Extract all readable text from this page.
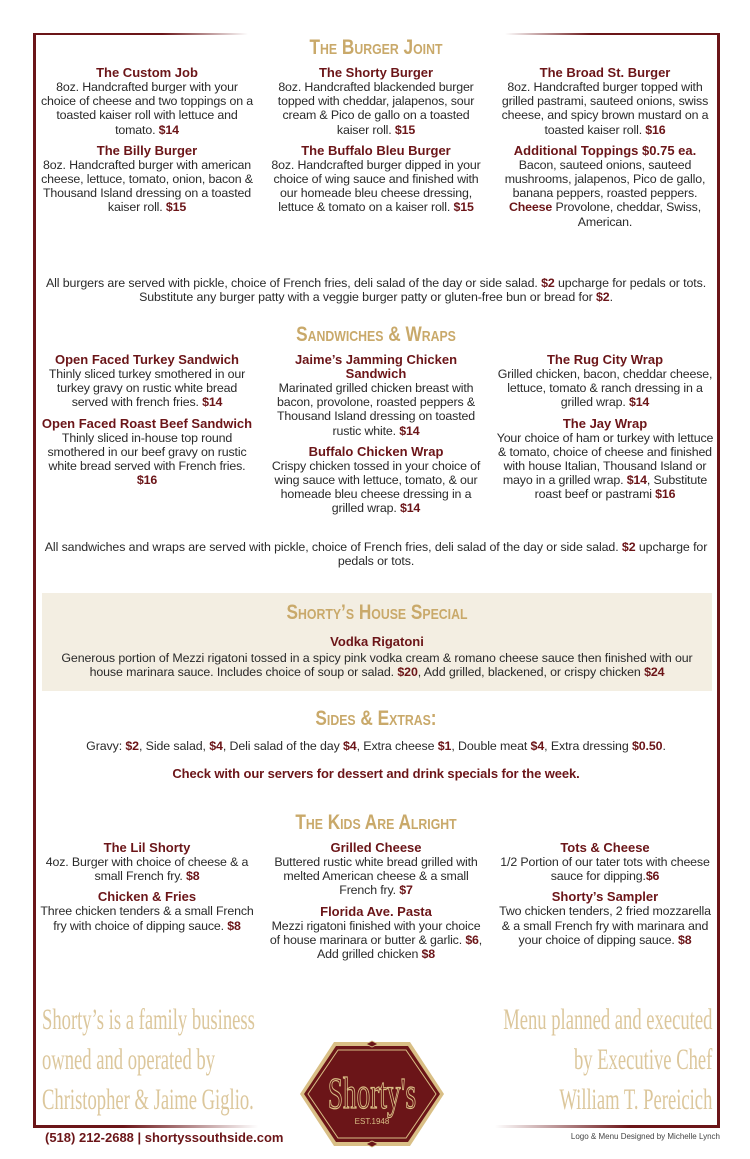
The Burger Joint
The Custom Job
8oz. Handcrafted burger with your choice of cheese and two toppings on a toasted kaiser roll with lettuce and tomato. $14
The Billy Burger
8oz. Handcrafted burger with american cheese, lettuce, tomato, onion, bacon & Thousand Island dressing on a toasted kaiser roll. $15
The Shorty Burger
8oz. Handcrafted blackended burger topped with cheddar, jalapenos, sour cream & Pico de gallo on a toasted kaiser roll. $15
The Buffalo Bleu Burger
8oz. Handcrafted burger dipped in your choice of wing sauce and finished with our homeade bleu cheese dressing, lettuce & tomato on a kaiser roll. $15
The Broad St. Burger
8oz. Handcrafted burger topped with grilled pastrami, sauteed onions, swiss cheese, and spicy brown mustard on a toasted kaiser roll. $16
Additional Toppings $0.75 ea.
Bacon, sauteed onions, sauteed mushrooms, jalapenos, Pico de gallo, banana peppers, roasted peppers.
Cheese Provolone, cheddar, Swiss, American.
All burgers are served with pickle, choice of French fries, deli salad of the day or side salad. $2 upcharge for pedals or tots. Substitute any burger patty with a veggie burger patty or gluten-free bun or bread for $2.
Sandwiches & Wraps
Open Faced Turkey Sandwich
Thinly sliced turkey smothered in our turkey gravy on rustic white bread served with french fries. $14
Open Faced Roast Beef Sandwich
Thinly sliced in-house top round smothered in our beef gravy on rustic white bread served with French fries. $16
Jaime’s Jamming Chicken Sandwich
Marinated grilled chicken breast with bacon, provolone, roasted peppers & Thousand Island dressing on toasted rustic white. $14
Buffalo Chicken Wrap
Crispy chicken tossed in your choice of wing sauce with lettuce, tomato, & our homeade bleu cheese dressing in a grilled wrap. $14
The Rug City Wrap
Grilled chicken, bacon, cheddar cheese, lettuce, tomato & ranch dressing in a grilled wrap. $14
The Jay Wrap
Your choice of ham or turkey with lettuce & tomato, choice of cheese and finished with house Italian, Thousand Island or mayo in a grilled wrap. $14, Substitute roast beef or pastrami $16
All sandwiches and wraps are served with pickle, choice of French fries, deli salad of the day or side salad. $2 upcharge for pedals or tots.
Shorty’s House Special
Vodka Rigatoni
Generous portion of Mezzi rigatoni tossed in a spicy pink vodka cream & romano cheese sauce then finished with our house marinara sauce. Includes choice of soup or salad. $20, Add grilled, blackened, or crispy chicken $24
Sides & Extras:
Gravy: $2, Side salad, $4, Deli salad of the day $4, Extra cheese $1, Double meat $4, Extra dressing $0.50.
Check with our servers for dessert and drink specials for the week.
The Kids Are Alright
The Lil Shorty
4oz. Burger with choice of cheese & a small French fry. $8
Chicken & Fries
Three chicken tenders & a small French fry with choice of dipping sauce. $8
Grilled Cheese
Buttered rustic white bread grilled with melted American cheese & a small French fry. $7
Florida Ave. Pasta
Mezzi rigatoni finished with your choice of house marinara or butter & garlic. $6, Add grilled chicken $8
Tots & Cheese
1/2 Portion of our tater tots with cheese sauce for dipping.$6
Shorty’s Sampler
Two chicken tenders, 2 fried mozzarella & a small French fry with marinara and your choice of dipping sauce. $8
Shorty’s is a family business
owned and operated by
Christopher & Jaime Giglio.
Menu planned and executed
by Executive Chef
William T. Pereicich
Shorty's
EST.1948
(518) 212-2688 | shortyssouthside.com	Logo & Menu Designed by Michelle Lynch
